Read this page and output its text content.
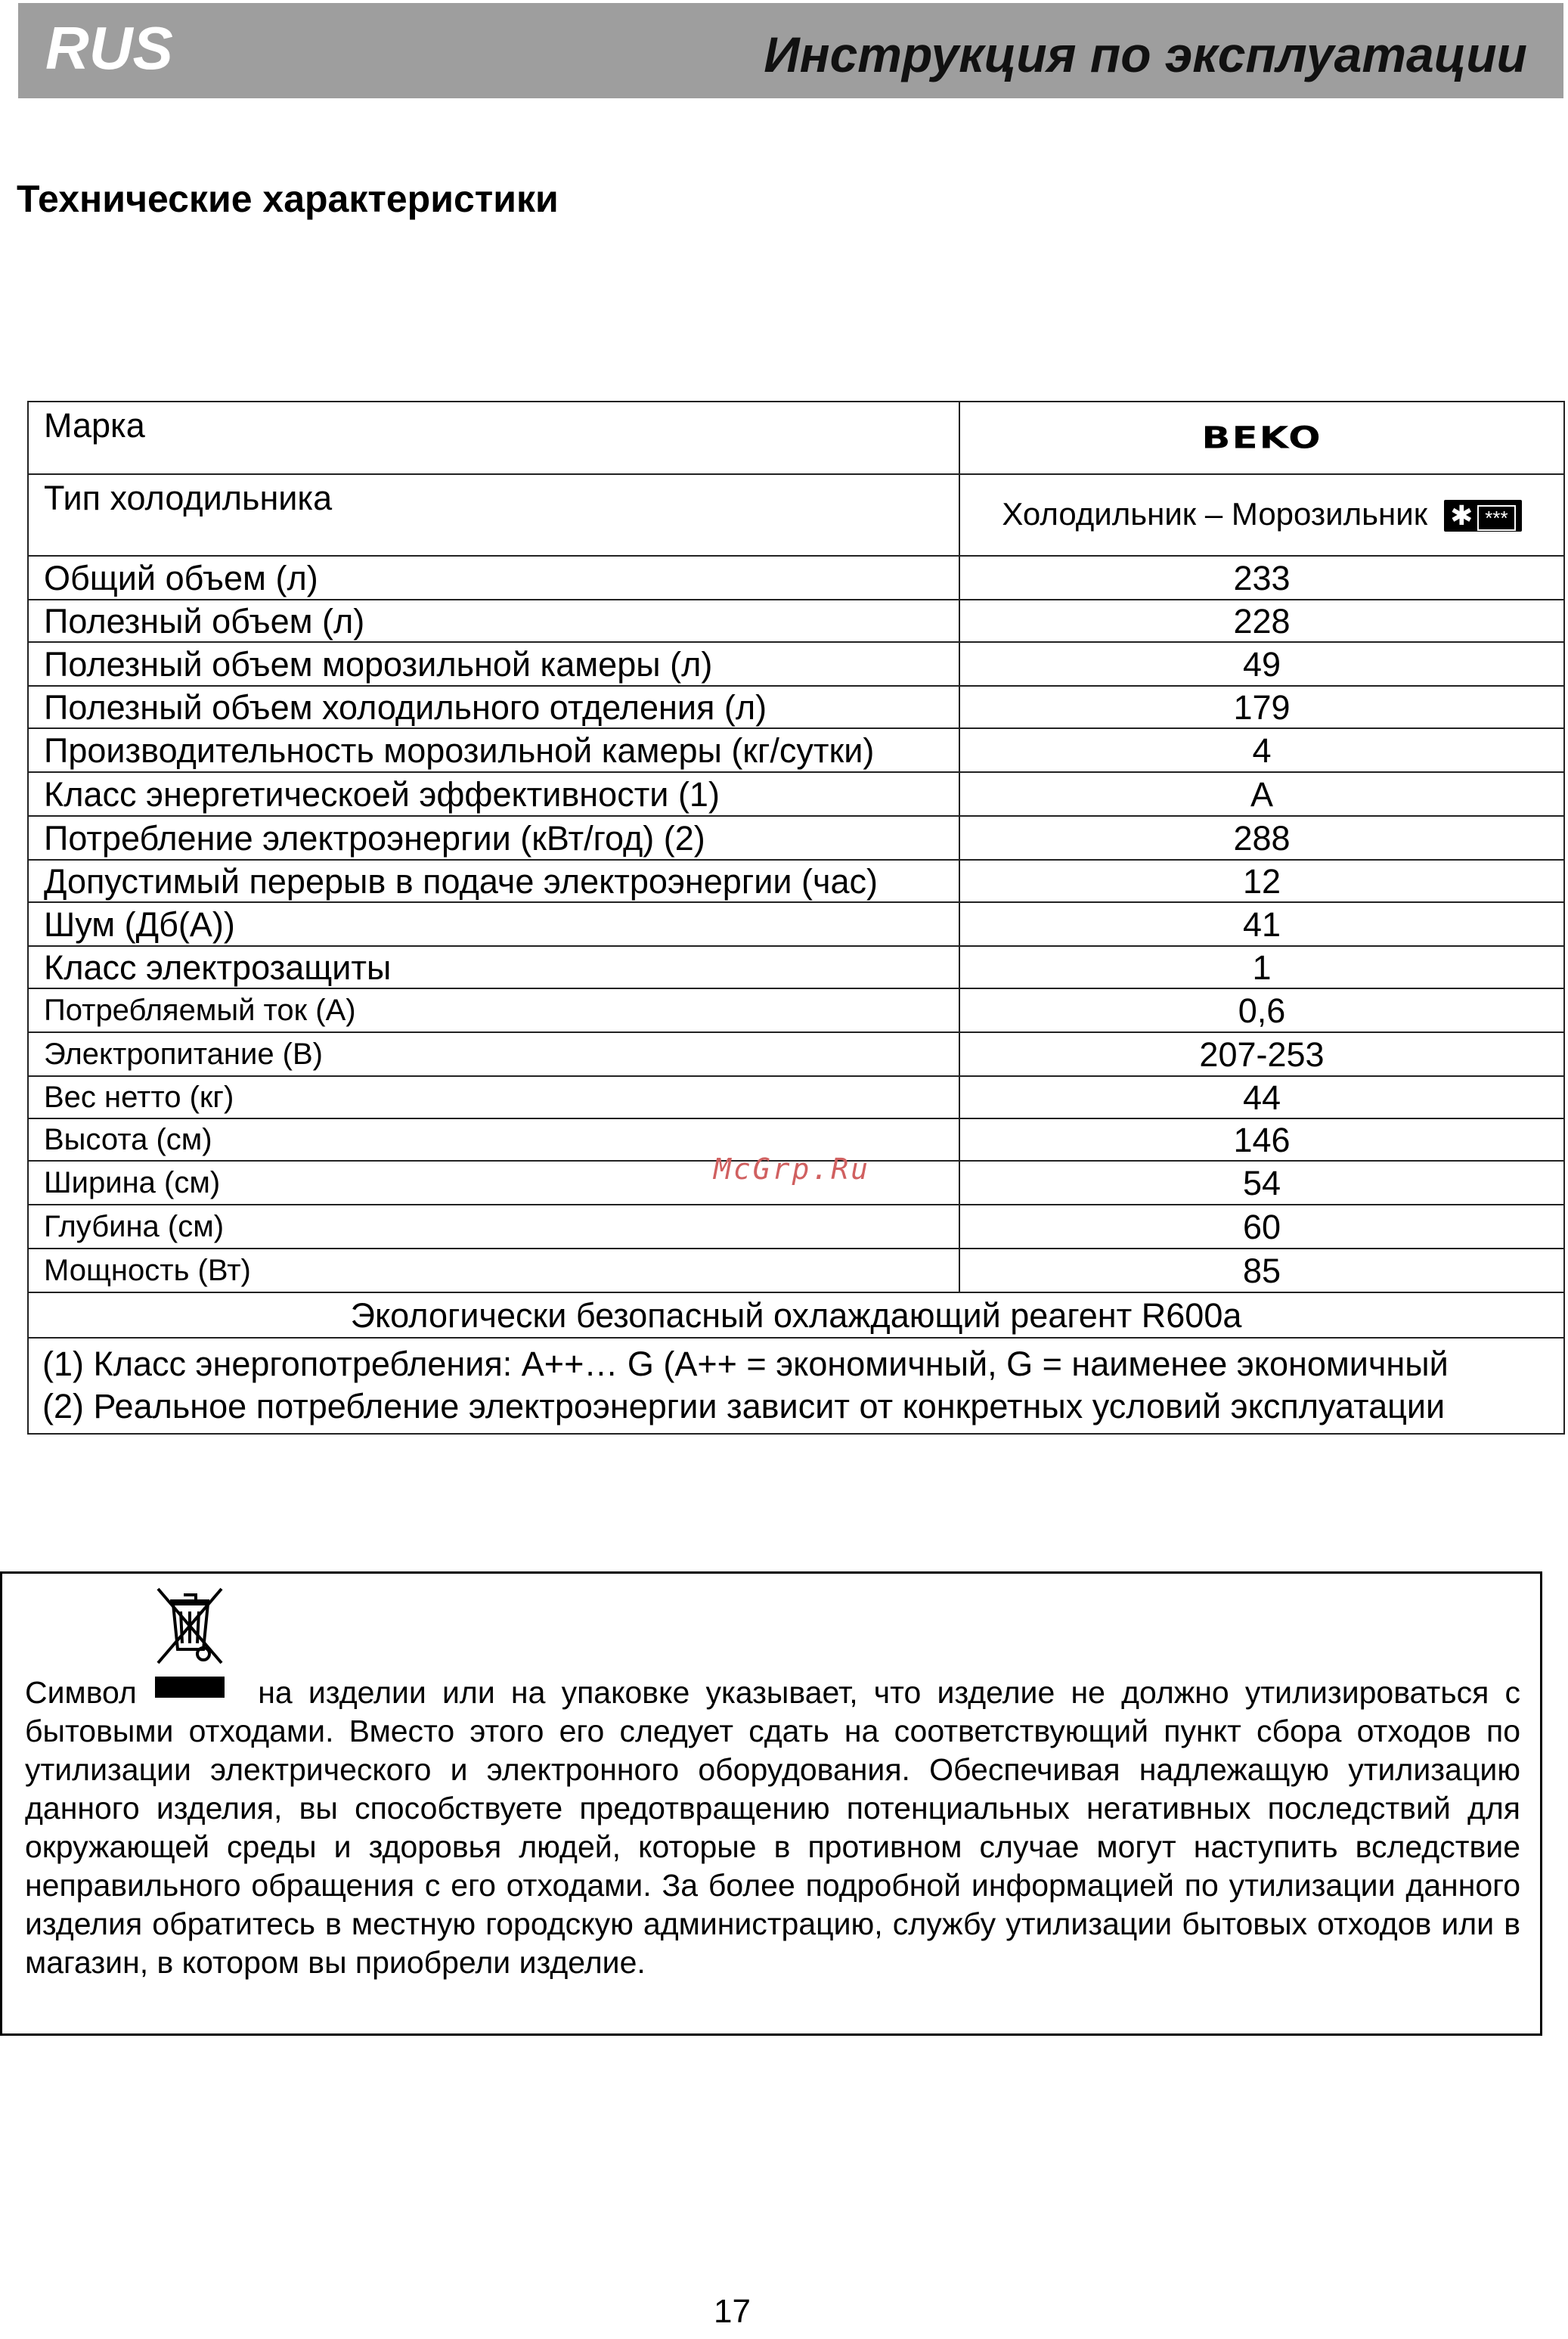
RUS	Инструкция по эксплуатации
Технические характеристики
Марка	BEKO
Тип холодильника	Холодильник – Морозильник ✱ ***
Общий объем (л)	233
Полезный объем (л)	228
Полезный объем морозильной камеры (л)	49
Полезный объем холодильного отделения (л)	179
Производительность морозильной камеры (кг/сутки)	4
Класс энергетическоей эффективности (1)	A
Потребление электроэнергии (кВт/год) (2)	288
Допустимый перерыв в подаче электроэнергии (час)	12
Шум (Дб(А))	41
Класс электрозащиты	1
Потребляемый ток (А)	0,6
Электропитание (В)	207-253
Вес нетто (кг)	44
Высота (см)	146
Ширина (см)	54
Глубина (см)	60
Мощность (Вт)	85
Экологически безопасный охлаждающий реагент R600a	

(1) Класс энергопотребления: A++… G (A++ = экономичный, G = наименее экономичный
(2) Реальное потребление электроэнергии зависит от конкретных условий эксплуатации	
McGrp.Ru
Символ	на изделии или на упаковке указывает, что изделие не должно утилизироваться с бытовыми отходами. Вместо этого его следует сдать на соответствующий пункт сбора отходов по утилизации электрического и электронного оборудования. Обеспечивая надлежащую утилизацию данного изделия, вы способствуете предотвращению потенциальных негативных последствий для окружающей среды и здоровья людей, которые в противном случае могут наступить вследствие неправильного обращения с его отходами. За более подробной информацией по утилизации данного изделия обратитесь в местную городскую администрацию, службу утилизации бытовых отходов или в магазин, в котором вы приобрели изделие.
17
